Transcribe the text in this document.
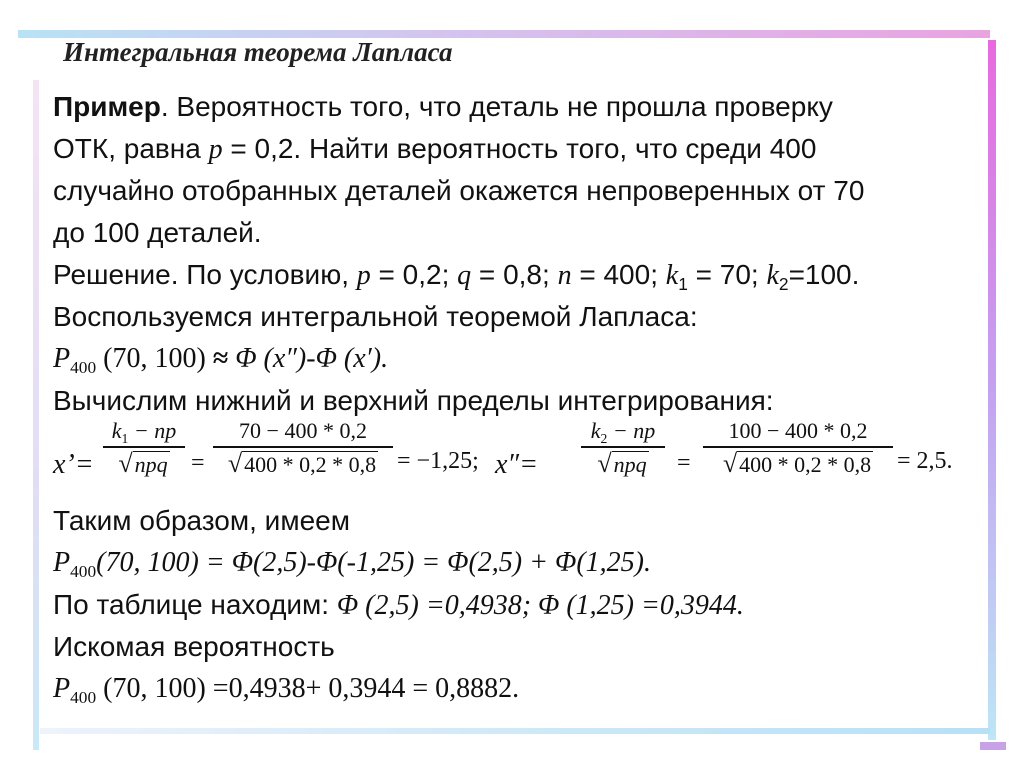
Интегральная теорема Лапласа
Пример. Вероятность того, что деталь не прошла проверку
ОТК, равна p = 0,2. Найти вероятность того, что среди 400
случайно отобранных деталей окажется непроверенных от 70
до 100 деталей.
Решение. По условию, p = 0,2; q = 0,8; n = 400; $k_1 = 70$; $k_2=100$.
Воспользуемся интегральной теоремой Лапласа:
$P_{400}$ (70, 100) ≈ Φ (x″)-Φ (x′).
Вычислим нижний и верхний пределы интегрирования:
x’=
$k_1$ − np
√npq =
70 − 400 * 0,2
√400 * 0,2 * 0,8 = −1,25; x″=
$k_2$ − np
√npq	=
100 − 400 * 0,2
√400 * 0,2 * 0,8	= 2,5.
Таким образом, имеем
$P_{400}(70$, 100) = Φ(2,5)-Φ(-1,25) = Φ(2,5) + Φ(1,25).
По таблице находим: Φ (2,5) =0,4938; Φ (1,25) =0,3944.
Искомая вероятность
$P_{400}$ (70, 100) =0,4938+ 0,3944 = 0,8882.
